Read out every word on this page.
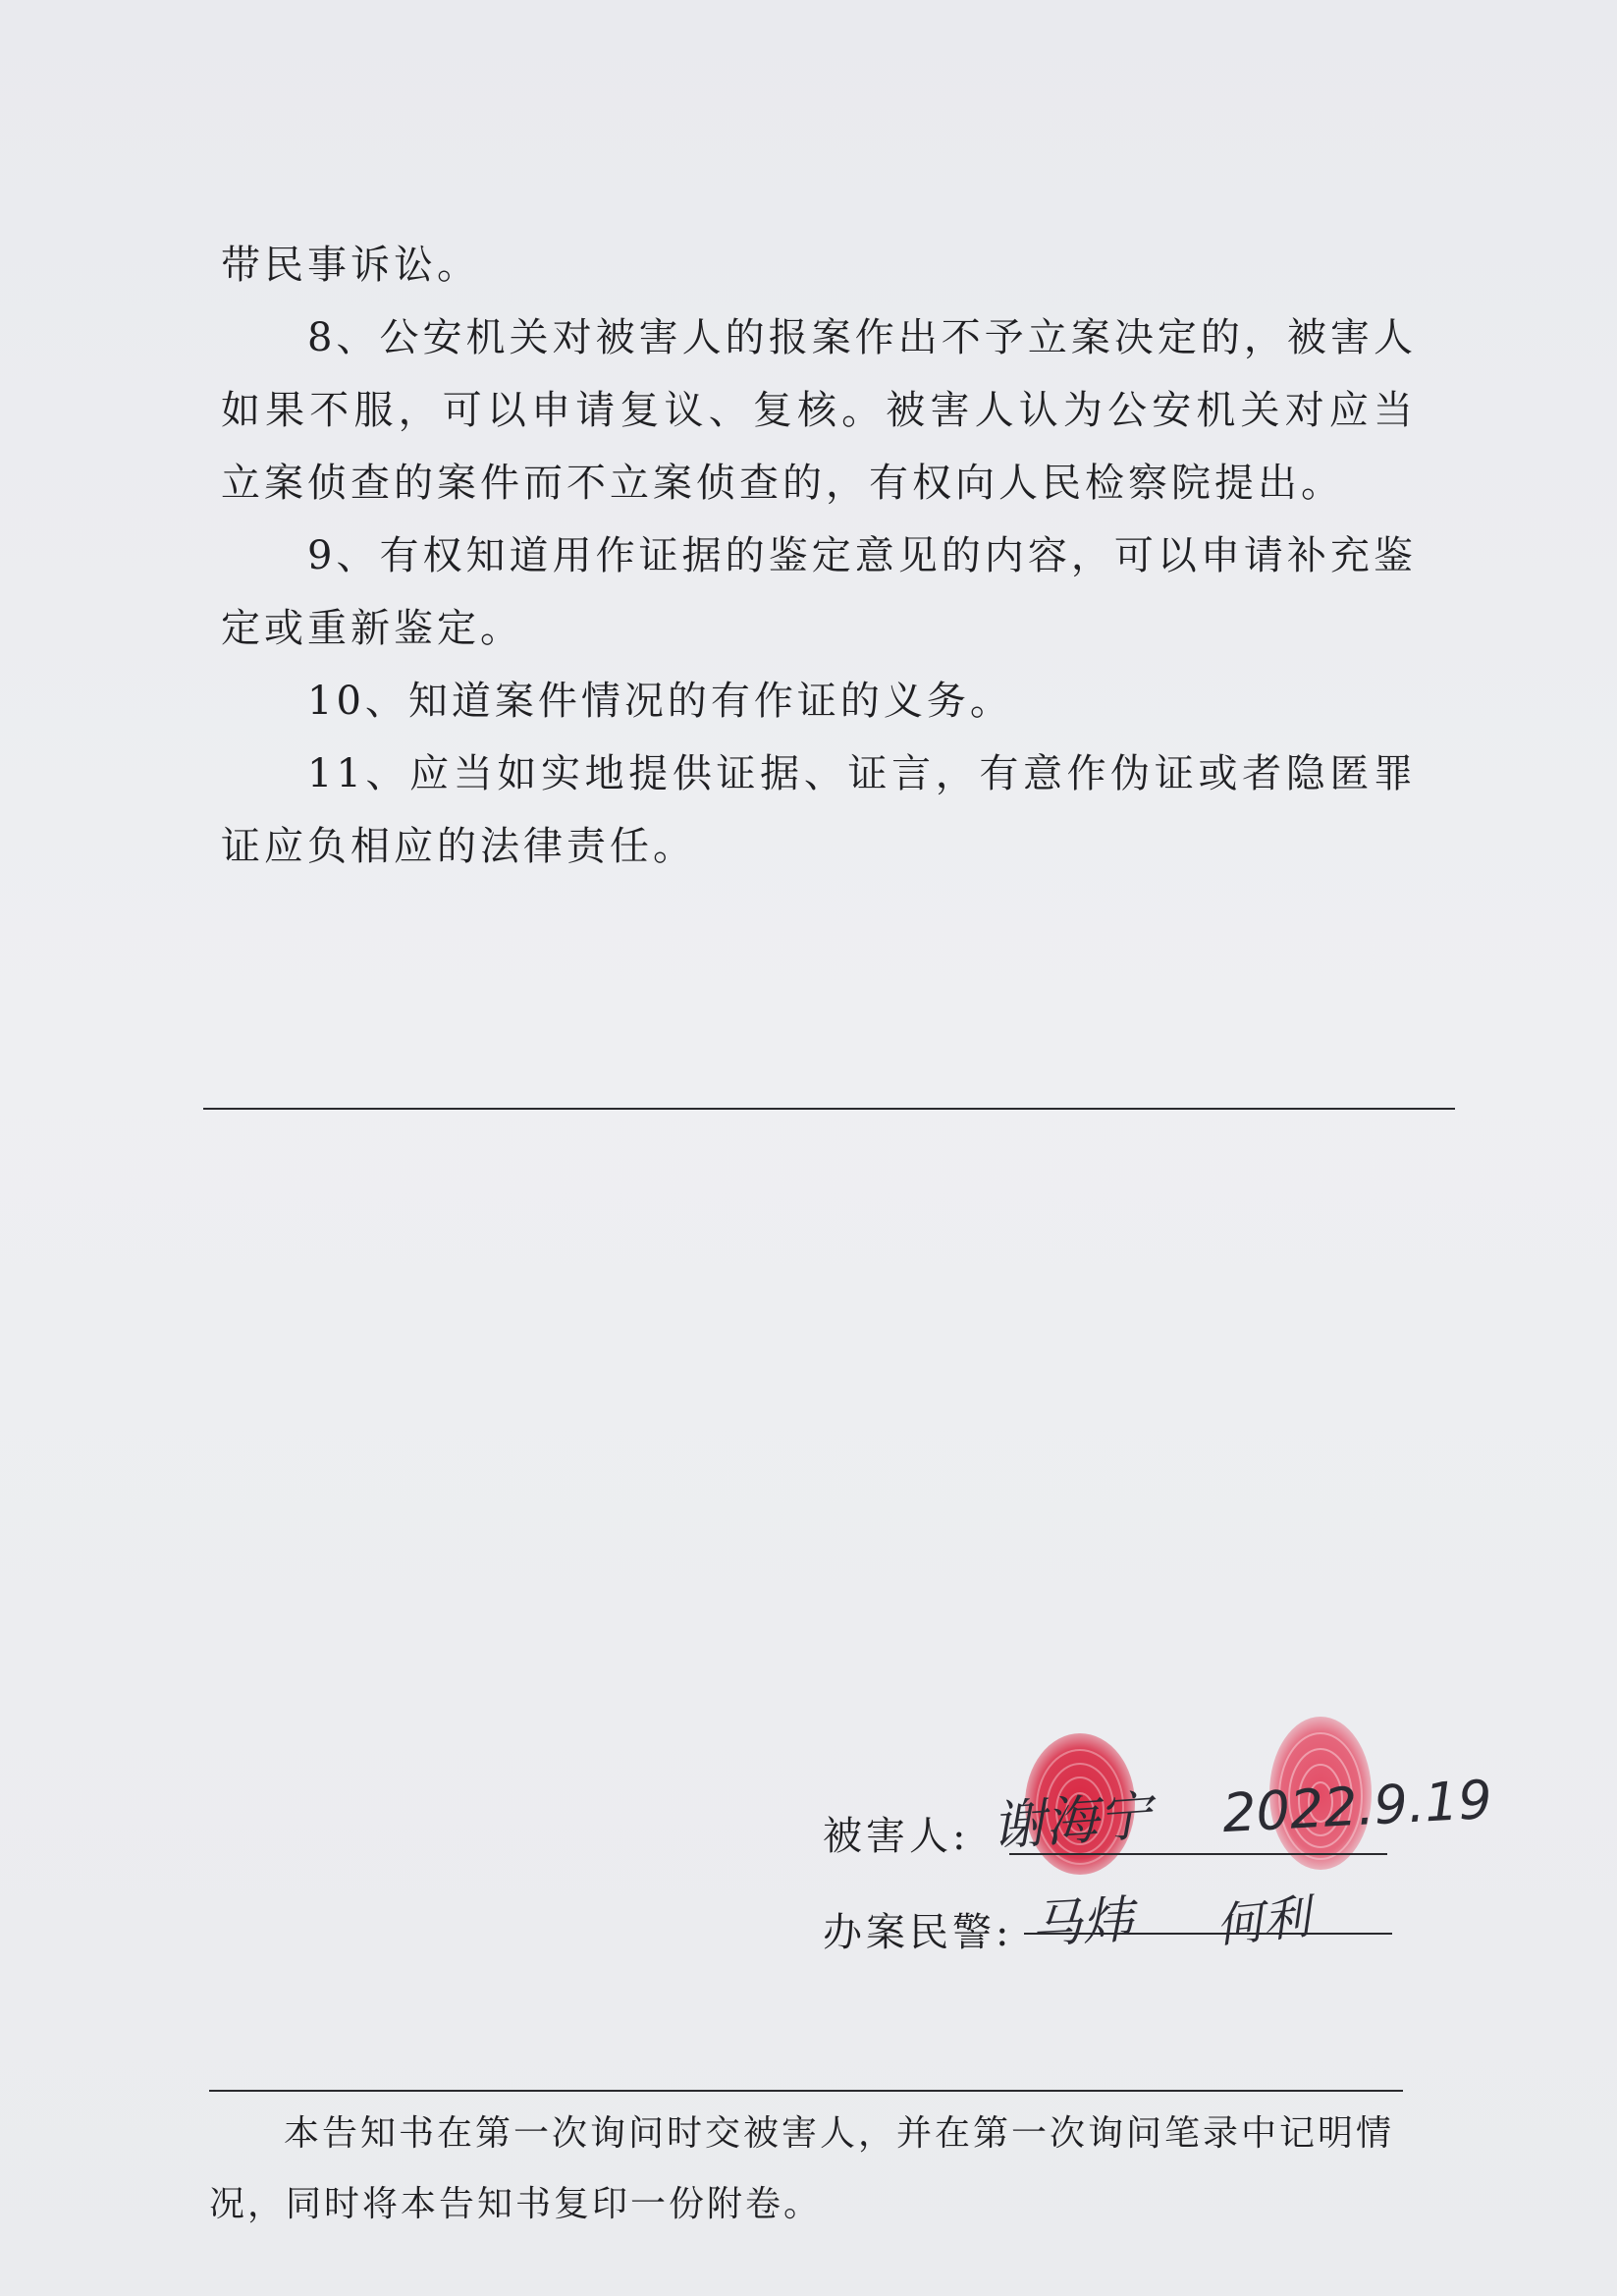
带民事诉讼。

8、公安机关对被害人的报案作出不予立案决定的，被害人如果不服，可以申请复议、复核。被害人认为公安机关对应当 立案侦查的案件而不立案侦查的，有权向人民检察院提出。

9、有权知道用作证据的鉴定意见的内容，可以申请补充鉴定或重新鉴定。

10、知道案件情况的有作证的义务。

11、应当如实地提供证据、证言，有意作伪证或者隐匿罪 证应负相应的法律责任。

被害人: 谢海宁 2022.9.19
办案民警: 马炜 何利

本告知书在第一次询问时交被害人，并在第一次询问笔录中记明情况，同时将本告知书复印一份附卷。
